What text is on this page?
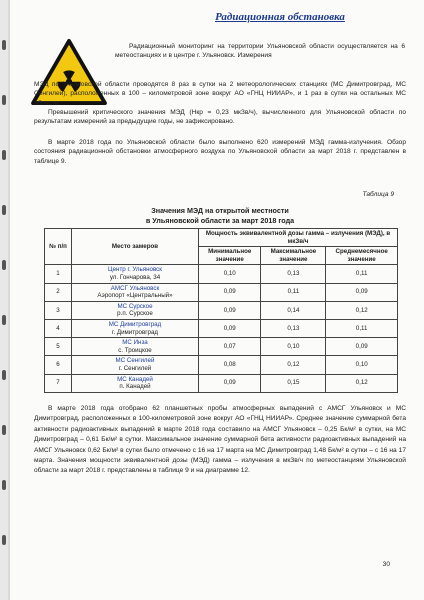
Радиационная обстановка

Радиационный мониторинг на территории Ульяновской области осуществляется на 6 метеостанциях и в центре г. Ульяновск. Измерения

МЭД по Ульяновской области проводятся 8 раз в сутки на 2 метеорологических станциях (МС Димитровград, МС Сенгилей), расположенных в 100 – километровой зоне вокруг АО «ГНЦ НИИАР», и 1 раз в сутки на остальных МС области.

Превышений критического значения МЭД (Нкр = 0,23 мкЗв/ч), вычисленного для Ульяновской области по результатам измерений за предыдущие годы, не зафиксировано.

В марте 2018 года по Ульяновской области было выполнено 620 измерений МЭД гамма-излучения. Обзор состояния радиационной обстановки атмосферного воздуха по Ульяновской области за март 2018 г. представлен в таблице 9.

Таблица 9
Значения МЭД на открытой местности
в Ульяновской области за март 2018 года
№ п/п	Место замеров	Мощность эквивалентной дозы гамма – излучения (МЭД), в мкЗв/ч		
		Минимальное значение	Максимальное значение	Среднемесячное значение
1	Центр г. Ульяновск
ул. Гончарова, 34	0,10	0,13	0,11
2	АМСГ Ульяновск
Аэропорт «Центральный»	0,09	0,11	0,09
3	МС Сурское
р.п. Сурское	0,09	0,14	0,12
4	МС Димитровград
г. Димитровград	0,09	0,13	0,11
5	МС Инза
с. Троицкое	0,07	0,10	0,09
6	МС Сенгилей
г. Сенгилей	0,08	0,12	0,10
7	МС Канадей
п. Канадей	0,09	0,15	0,12

В марте 2018 года отобрано 62 планшетных пробы атмосферных выпадений с АМСГ Ульяновск и МС Димитровград, расположенных в 100-километровой зоне вокруг АО «ГНЦ НИИАР». Среднее значение суммарной бета активности радиоактивных выпадений в марте 2018 года составило на АМСГ Ульяновск – 0,25 Бк/м² в сутки, на МС Димитровград – 0,61 Бк/м² в сутки. Максимальное значение суммарной бета активности радиоактивных выпадений на АМСГ Ульяновск 0,62 Бк/м² в сутки было отмечено с 16 на 17 марта на МС Димитровград 1,48 Бк/м² в сутки – с 16 на 17 марта. Значения мощности эквивалентной дозы (МЭД) гамма – излучения в мкЗв/ч по метеостанциям Ульяновской области за март 2018 г. представлены в таблице 9 и на диаграмме 12.

30
